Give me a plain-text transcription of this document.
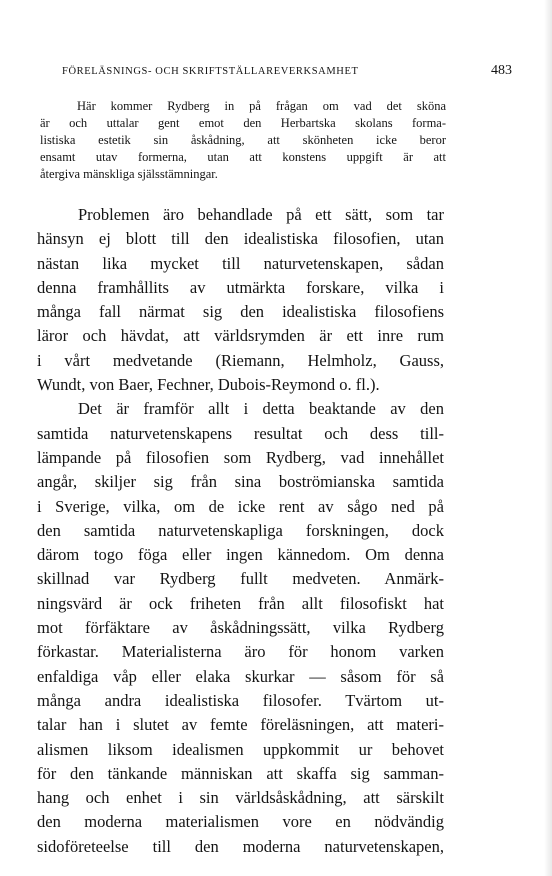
FÖRELÄSNINGS- OCH SKRIFTSTÄLLAREVERKSAMHET	483
Här kommer Rydberg in på frågan om vad det sköna
är och uttalar gent emot den Herbartska skolans forma-
listiska estetik sin åskådning, att skönheten icke beror
ensamt utav formerna, utan att konstens uppgift är att
återgiva mänskliga själsstämningar.
Problemen äro behandlade på ett sätt, som tar
hänsyn ej blott till den idealistiska filosofien, utan
nästan lika mycket till naturvetenskapen, sådan
denna framhållits av utmärkta forskare, vilka i
många fall närmat sig den idealistiska filosofiens
läror och hävdat, att världsrymden är ett inre rum
i vårt medvetande (Riemann, Helmholz, Gauss,
Wundt, von Baer, Fechner, Dubois-Reymond o. fl.).
Det är framför allt i detta beaktande av den
samtida naturvetenskapens resultat och dess till-
lämpande på filosofien som Rydberg, vad innehållet
angår, skiljer sig från sina boströmianska samtida
i Sverige, vilka, om de icke rent av sågo ned på
den samtida naturvetenskapliga forskningen, dock
därom togo föga eller ingen kännedom. Om denna
skillnad var Rydberg fullt medveten. Anmärk-
ningsvärd är ock friheten från allt filosofiskt hat
mot förfäktare av åskådningssätt, vilka Rydberg
förkastar. Materialisterna äro för honom varken
enfaldiga våp eller elaka skurkar — såsom för så
många andra idealistiska filosofer. Tvärtom ut-
talar han i slutet av femte föreläsningen, att materi-
alismen liksom idealismen uppkommit ur behovet
för den tänkande människan att skaffa sig samman-
hang och enhet i sin världsåskådning, att särskilt
den moderna materialismen vore en nödvändig
sidoföreteelse till den moderna naturvetenskapen,
